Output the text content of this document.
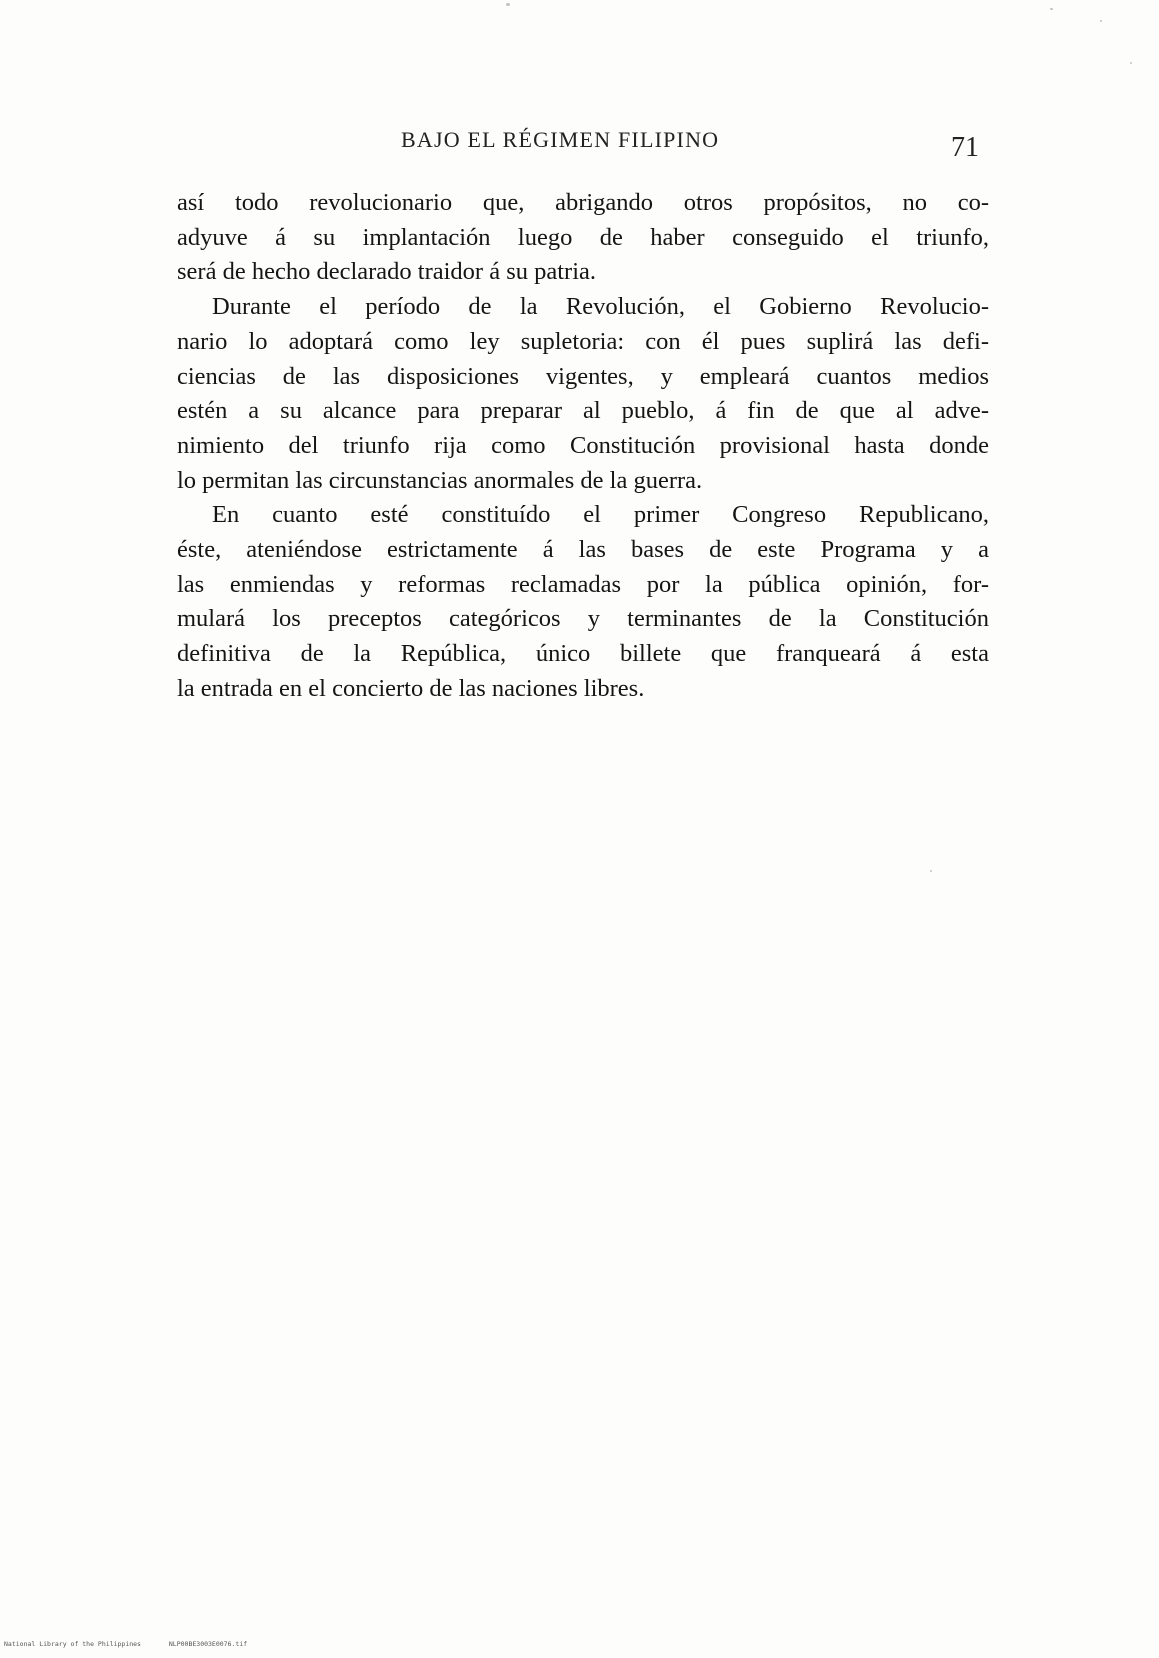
BAJO EL RÉGIMEN FILIPINO	71
así todo revolucionario que, abrigando otros propósitos, no co-
adyuve á su implantación luego de haber conseguido el triunfo,
será de hecho declarado traidor á su patria.
Durante el período de la Revolución, el Gobierno Revolucio-
nario lo adoptará como ley supletoria: con él pues suplirá las defi-
ciencias de las disposiciones vigentes, y empleará cuantos medios
estén a su alcance para preparar al pueblo, á fin de que al adve-
nimiento del triunfo rija como Constitución provisional hasta donde
lo permitan las circunstancias anormales de la guerra.
En cuanto esté constituído el primer Congreso Republicano,
éste, ateniéndose estrictamente á las bases de este Programa y a
las enmiendas y reformas reclamadas por la pública opinión, for-
mulará los preceptos categóricos y terminantes de la Constitución
definitiva de la República, único billete que franqueará á esta
la entrada en el concierto de las naciones libres.
National Library of the Philippines	NLP00BE3003E0076.tif
